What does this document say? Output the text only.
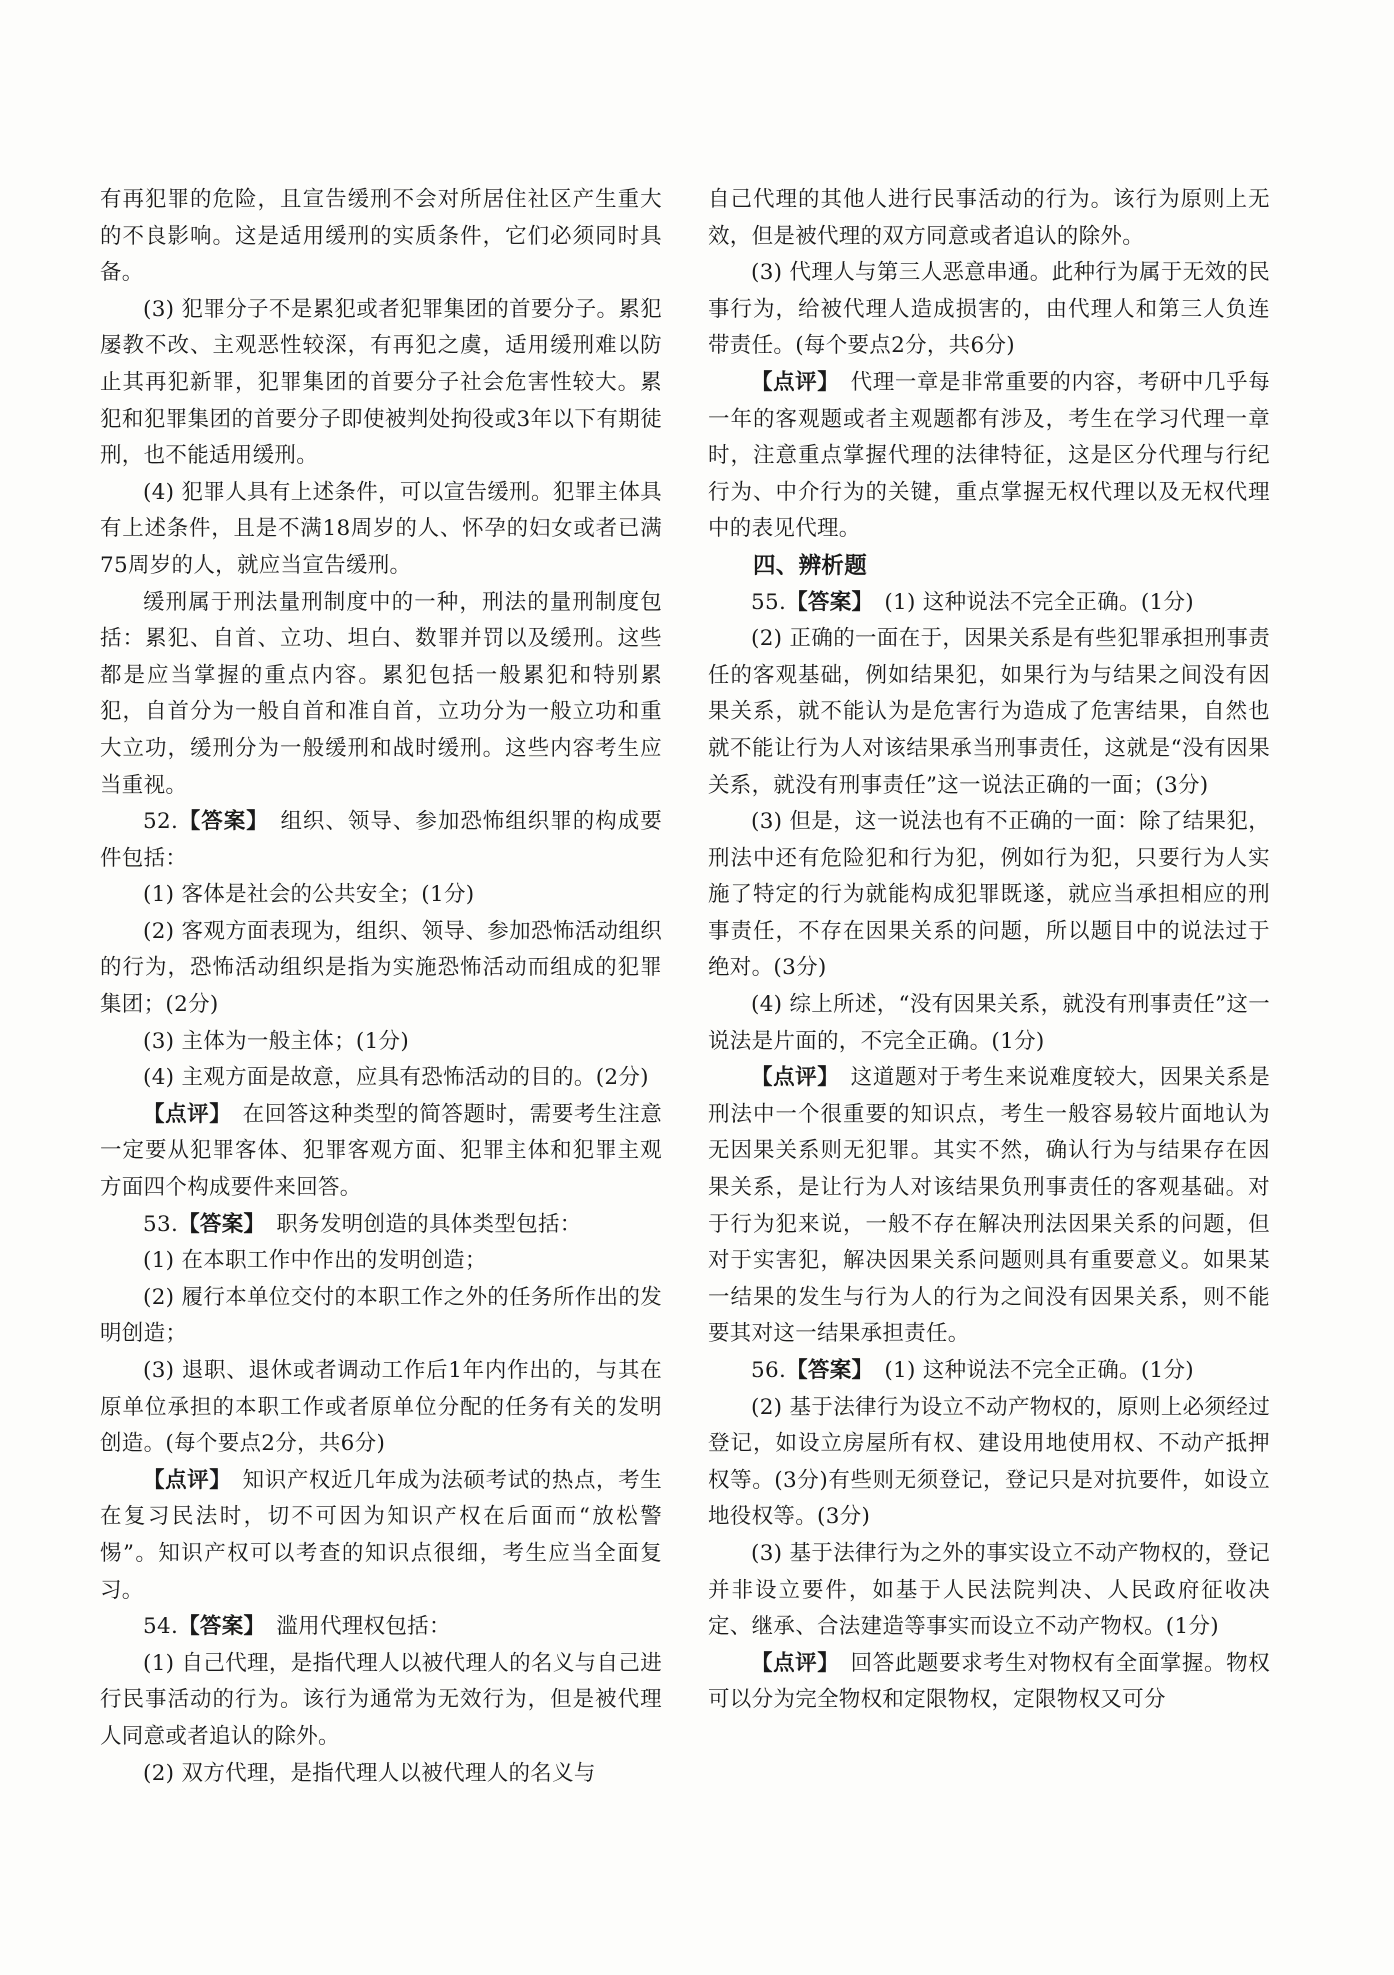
有再犯罪的危险，且宣告缓刑不会对所居住社区产生重大的不良影响。这是适用缓刑的实质条件，它们必须同时具备。

(3) 犯罪分子不是累犯或者犯罪集团的首要分子。累犯屡教不改、主观恶性较深，有再犯之虞，适用缓刑难以防止其再犯新罪，犯罪集团的首要分子社会危害性较大。累犯和犯罪集团的首要分子即使被判处拘役或3年以下有期徒刑，也不能适用缓刑。

(4) 犯罪人具有上述条件，可以宣告缓刑。犯罪主体具有上述条件，且是不满18周岁的人、怀孕的妇女或者已满75周岁的人，就应当宣告缓刑。

缓刑属于刑法量刑制度中的一种，刑法的量刑制度包括：累犯、自首、立功、坦白、数罪并罚以及缓刑。这些都是应当掌握的重点内容。累犯包括一般累犯和特别累犯，自首分为一般自首和准自首，立功分为一般立功和重大立功，缓刑分为一般缓刑和战时缓刑。这些内容考生应当重视。

52.【答案】　组织、领导、参加恐怖组织罪的构成要件包括：

(1) 客体是社会的公共安全；(1分)

(2) 客观方面表现为，组织、领导、参加恐怖活动组织的行为，恐怖活动组织是指为实施恐怖活动而组成的犯罪集团；(2分)

(3) 主体为一般主体；(1分)

(4) 主观方面是故意，应具有恐怖活动的目的。(2分)

【点评】　在回答这种类型的简答题时，需要考生注意一定要从犯罪客体、犯罪客观方面、犯罪主体和犯罪主观方面四个构成要件来回答。

53.【答案】　职务发明创造的具体类型包括：

(1) 在本职工作中作出的发明创造；

(2) 履行本单位交付的本职工作之外的任务所作出的发明创造；

(3) 退职、退休或者调动工作后1年内作出的，与其在原单位承担的本职工作或者原单位分配的任务有关的发明创造。(每个要点2分，共6分)

【点评】　知识产权近几年成为法硕考试的热点，考生在复习民法时，切不可因为知识产权在后面而“放松警惕”。知识产权可以考查的知识点很细，考生应当全面复习。

54.【答案】　滥用代理权包括：

(1) 自己代理，是指代理人以被代理人的名义与自己进行民事活动的行为。该行为通常为无效行为，但是被代理人同意或者追认的除外。

(2) 双方代理，是指代理人以被代理人的名义与

自己代理的其他人进行民事活动的行为。该行为原则上无效，但是被代理的双方同意或者追认的除外。

(3) 代理人与第三人恶意串通。此种行为属于无效的民事行为，给被代理人造成损害的，由代理人和第三人负连带责任。(每个要点2分，共6分)

【点评】　代理一章是非常重要的内容，考研中几乎每一年的客观题或者主观题都有涉及，考生在学习代理一章时，注意重点掌握代理的法律特征，这是区分代理与行纪行为、中介行为的关键，重点掌握无权代理以及无权代理中的表见代理。

四、辨析题

55.【答案】　(1) 这种说法不完全正确。(1分)

(2) 正确的一面在于，因果关系是有些犯罪承担刑事责任的客观基础，例如结果犯，如果行为与结果之间没有因果关系，就不能认为是危害行为造成了危害结果，自然也就不能让行为人对该结果承当刑事责任，这就是“没有因果关系，就没有刑事责任”这一说法正确的一面；(3分)

(3) 但是，这一说法也有不正确的一面：除了结果犯，刑法中还有危险犯和行为犯，例如行为犯，只要行为人实施了特定的行为就能构成犯罪既遂，就应当承担相应的刑事责任，不存在因果关系的问题，所以题目中的说法过于绝对。(3分)

(4) 综上所述，“没有因果关系，就没有刑事责任”这一说法是片面的，不完全正确。(1分)

【点评】　这道题对于考生来说难度较大，因果关系是刑法中一个很重要的知识点，考生一般容易较片面地认为无因果关系则无犯罪。其实不然，确认行为与结果存在因果关系，是让行为人对该结果负刑事责任的客观基础。对于行为犯来说，一般不存在解决刑法因果关系的问题，但对于实害犯，解决因果关系问题则具有重要意义。如果某一结果的发生与行为人的行为之间没有因果关系，则不能要其对这一结果承担责任。

56.【答案】　(1) 这种说法不完全正确。(1分)

(2) 基于法律行为设立不动产物权的，原则上必须经过登记，如设立房屋所有权、建设用地使用权、不动产抵押权等。(3分)有些则无须登记，登记只是对抗要件，如设立地役权等。(3分)

(3) 基于法律行为之外的事实设立不动产物权的，登记并非设立要件，如基于人民法院判决、人民政府征收决定、继承、合法建造等事实而设立不动产物权。(1分)

【点评】　回答此题要求考生对物权有全面掌握。物权可以分为完全物权和定限物权，定限物权又可分
